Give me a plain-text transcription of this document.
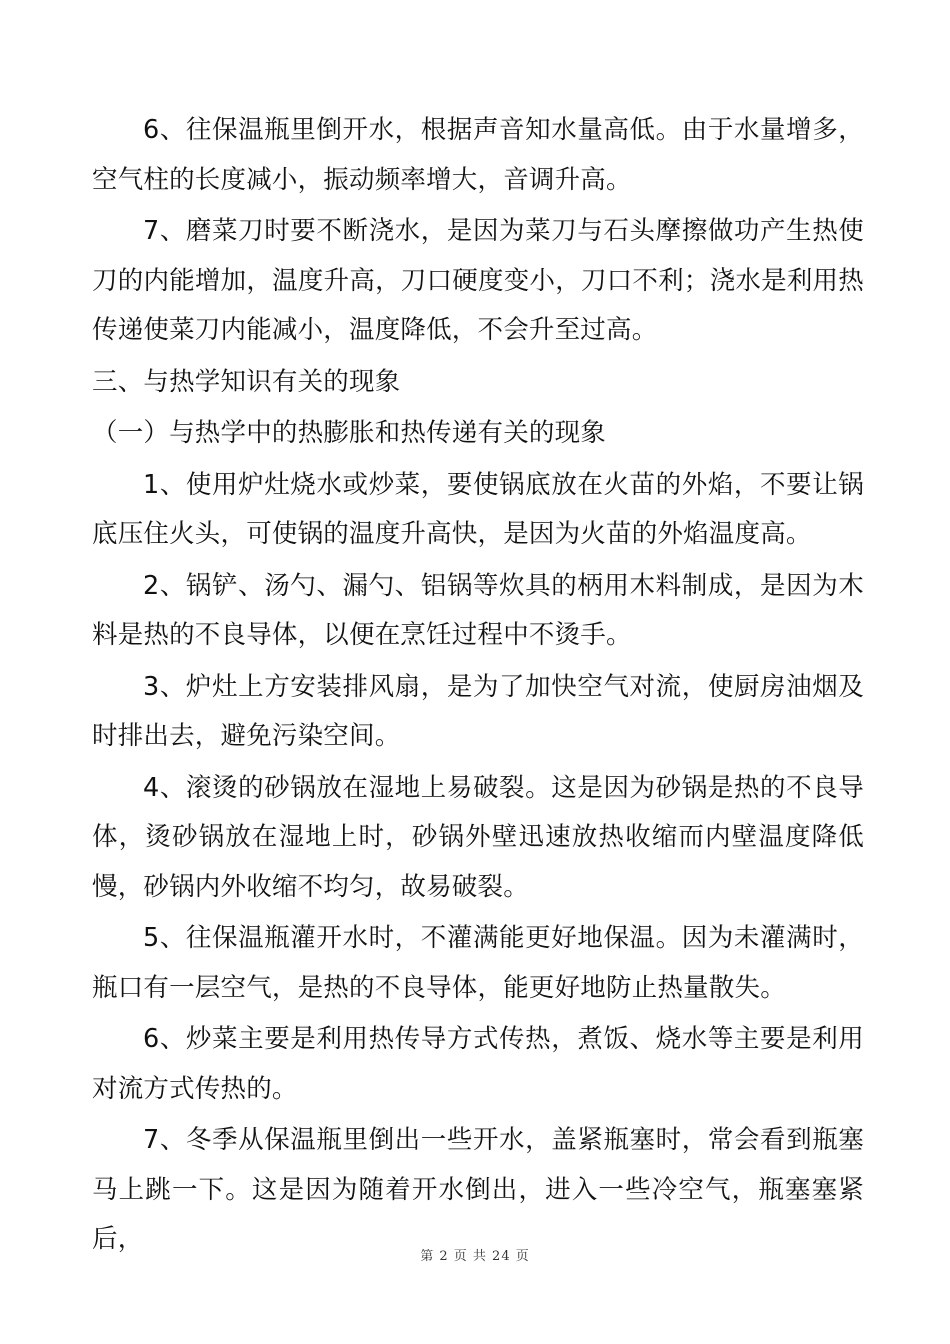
6、往保温瓶里倒开水，根据声音知水量高低。由于水量增多，空气柱的长度减小，振动频率增大，音调升高。

7、磨菜刀时要不断浇水，是因为菜刀与石头摩擦做功产生热使刀的内能增加，温度升高，刀口硬度变小，刀口不利；浇水是利用热传递使菜刀内能减小，温度降低，不会升至过高。

三、与热学知识有关的现象

（一）与热学中的热膨胀和热传递有关的现象

1、使用炉灶烧水或炒菜，要使锅底放在火苗的外焰，不要让锅底压住火头，可使锅的温度升高快，是因为火苗的外焰温度高。

2、锅铲、汤勺、漏勺、铝锅等炊具的柄用木料制成，是因为木料是热的不良导体，以便在烹饪过程中不烫手。

3、炉灶上方安装排风扇，是为了加快空气对流，使厨房油烟及时排出去，避免污染空间。

4、滚烫的砂锅放在湿地上易破裂。这是因为砂锅是热的不良导体，烫砂锅放在湿地上时，砂锅外壁迅速放热收缩而内壁温度降低慢，砂锅内外收缩不均匀，故易破裂。

5、往保温瓶灌开水时，不灌满能更好地保温。因为未灌满时，瓶口有一层空气，是热的不良导体，能更好地防止热量散失。

6、炒菜主要是利用热传导方式传热，煮饭、烧水等主要是利用对流方式传热的。

7、冬季从保温瓶里倒出一些开水，盖紧瓶塞时，常会看到瓶塞马上跳一下。这是因为随着开水倒出，进入一些冷空气，瓶塞塞紧后，

第 2 页 共 24 页
